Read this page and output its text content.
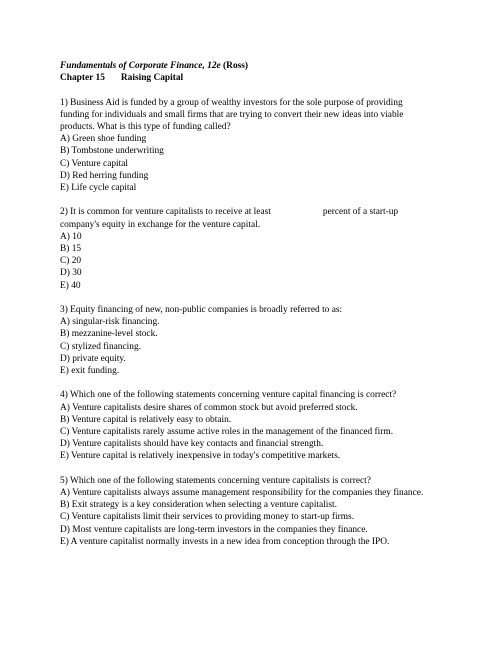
Fundamentals of Corporate Finance, 12e (Ross)

Chapter 15 Raising Capital

1) Business Aid is funded by a group of wealthy investors for the sole purpose of providing

funding for individuals and small firms that are trying to convert their new ideas into viable

products. What is this type of funding called?

A) Green shoe funding

B) Tombstone underwriting

C) Venture capital

D) Red herring funding

E) Life cycle capital

2) It is common for venture capitalists to receive at least	percent of a start-up

company's equity in exchange for the venture capital.

A) 10

B) 15

C) 20

D) 30

E) 40

3) Equity financing of new, non-public companies is broadly referred to as:

A) singular-risk financing.

B) mezzanine-level stock.

C) stylized financing.

D) private equity.

E) exit funding.

4) Which one of the following statements concerning venture capital financing is correct?

A) Venture capitalists desire shares of common stock but avoid preferred stock.

B) Venture capital is relatively easy to obtain.

C) Venture capitalists rarely assume active roles in the management of the financed firm.

D) Venture capitalists should have key contacts and financial strength.

E) Venture capital is relatively inexpensive in today's competitive markets.

5) Which one of the following statements concerning venture capitalists is correct?

A) Venture capitalists always assume management responsibility for the companies they finance.

B) Exit strategy is a key consideration when selecting a venture capitalist.

C) Venture capitalists limit their services to providing money to start-up firms.

D) Most venture capitalists are long-term investors in the companies they finance.

E) A venture capitalist normally invests in a new idea from conception through the IPO.
